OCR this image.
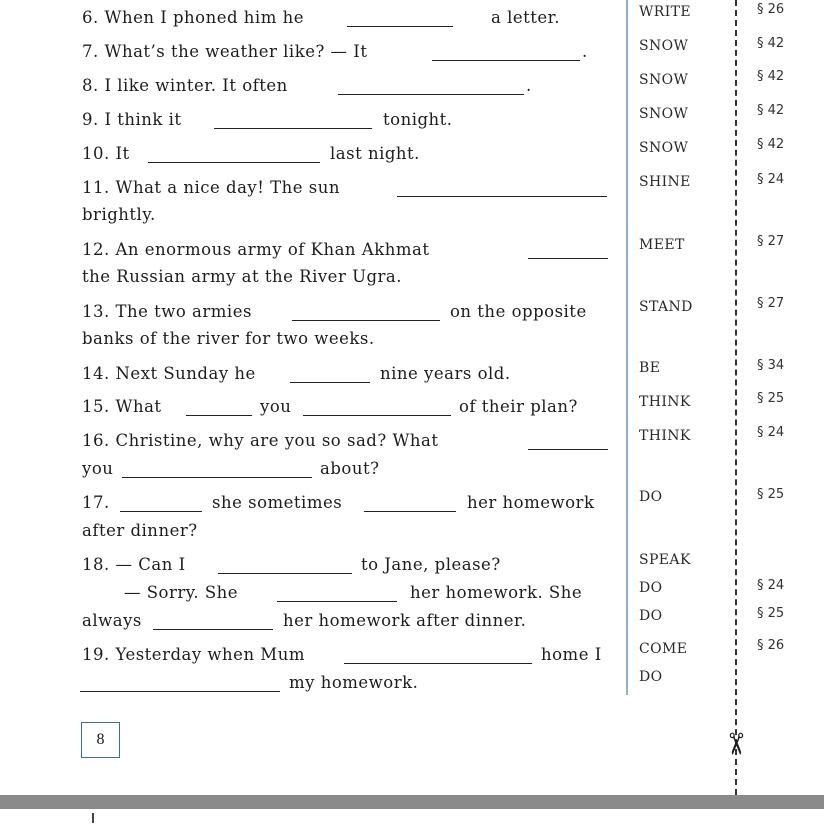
6. When I phoned him he	a letter.
7. What’s the weather like? — It	.
8. I like winter. It often	.
9. I think it	tonight.
10. It	last night.
11. What a nice day! The sun
brightly.
12. An enormous army of Khan Akhmat
the Russian army at the River Ugra.
13. The two armies	on the opposite
banks of the river for two weeks.
14. Next Sunday he	nine years old.
15. What	you	of their plan?
16. Christine, why are you so sad? What
you	about?
17.	she sometimes	her homework
after dinner?
18. — Can I	to Jane, please?
— Sorry. She	her homework. She
always	her homework after dinner.
19. Yesterday when Mum	home I
my homework.
WRITE	§ 26
SNOW	§ 42
SNOW	§ 42
SNOW	§ 42
SNOW	§ 42
SHINE	§ 24
MEET	§ 27
STAND	§ 27
BE	§ 34
THINK	§ 25
THINK	§ 24
DO	§ 25
SPEAK
DO	§ 24
DO	§ 25
COME	§ 26
DO
8	✂
